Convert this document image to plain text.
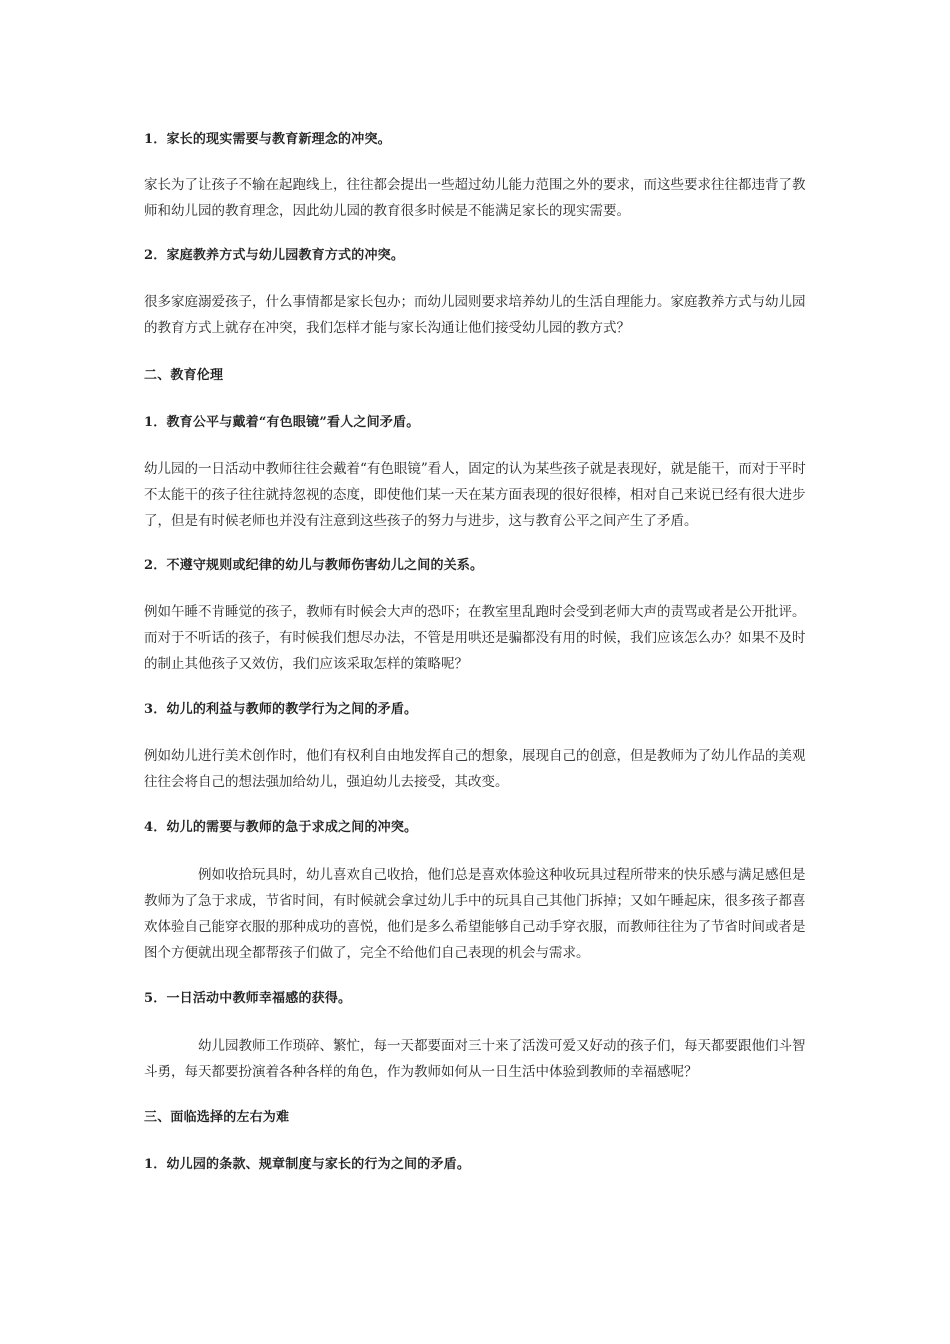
1．家长的现实需要与教育新理念的冲突。

家长为了让孩子不输在起跑线上，往往都会提出一些超过幼儿能力范围之外的要求，而这些要求往往都违背了教师和幼儿园的教育理念，因此幼儿园的教育很多时候是不能满足家长的现实需要。

2．家庭教养方式与幼儿园教育方式的冲突。

很多家庭溺爱孩子，什么事情都是家长包办；而幼儿园则要求培养幼儿的生活自理能力。家庭教养方式与幼儿园的教育方式上就存在冲突，我们怎样才能与家长沟通让他们接受幼儿园的教方式？

二、教育伦理

1．教育公平与戴着“有色眼镜”看人之间矛盾。

幼儿园的一日活动中教师往往会戴着“有色眼镜”看人，固定的认为某些孩子就是表现好，就是能干，而对于平时不太能干的孩子往往就持忽视的态度，即使他们某一天在某方面表现的很好很棒，相对自己来说已经有很大进步了，但是有时候老师也并没有注意到这些孩子的努力与进步，这与教育公平之间产生了矛盾。

2．不遵守规则或纪律的幼儿与教师伤害幼儿之间的关系。

例如午睡不肯睡觉的孩子，教师有时候会大声的恐吓；在教室里乱跑时会受到老师大声的责骂或者是公开批评。而对于不听话的孩子，有时候我们想尽办法，不管是用哄还是骗都没有用的时候，我们应该怎么办？如果不及时的制止其他孩子又效仿，我们应该采取怎样的策略呢？

3．幼儿的利益与教师的教学行为之间的矛盾。

例如幼儿进行美术创作时，他们有权利自由地发挥自己的想象，展现自己的创意，但是教师为了幼儿作品的美观往往会将自己的想法强加给幼儿，强迫幼儿去接受，其改变。

4．幼儿的需要与教师的急于求成之间的冲突。

例如收拾玩具时，幼儿喜欢自己收拾，他们总是喜欢体验这种收玩具过程所带来的快乐感与满足感但是教师为了急于求成，节省时间，有时候就会拿过幼儿手中的玩具自己其他门拆掉；又如午睡起床，很多孩子都喜欢体验自己能穿衣服的那种成功的喜悦，他们是多么希望能够自己动手穿衣服，而教师往往为了节省时间或者是图个方便就出现全都帮孩子们做了，完全不给他们自己表现的机会与需求。

5．一日活动中教师幸福感的获得。

幼儿园教师工作琐碎、繁忙，每一天都要面对三十来了活泼可爱又好动的孩子们，每天都要跟他们斗智斗勇，每天都要扮演着各种各样的角色，作为教师如何从一日生活中体验到教师的幸福感呢？

三、面临选择的左右为难

1．幼儿园的条款、规章制度与家长的行为之间的矛盾。
